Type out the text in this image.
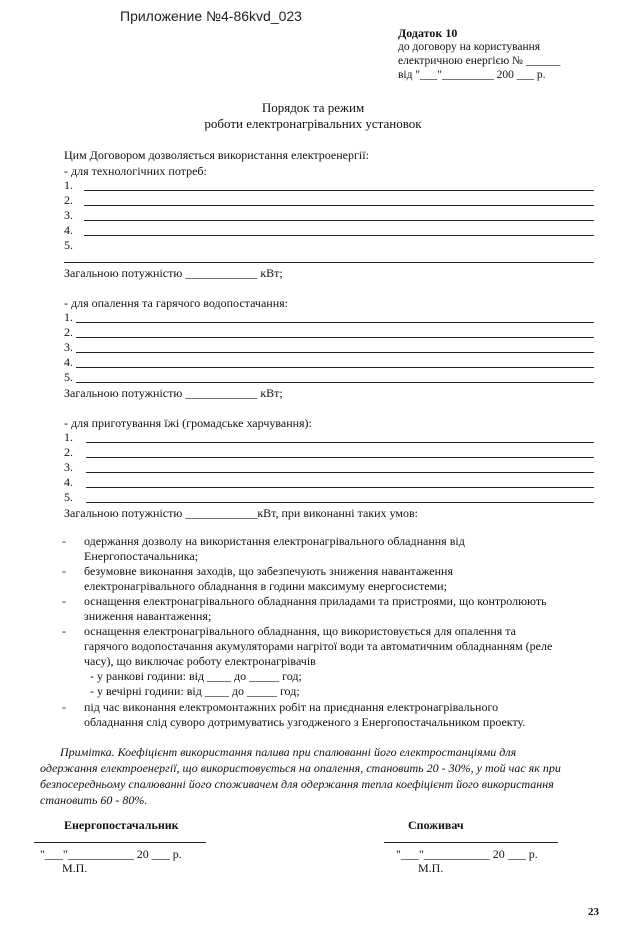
Приложение №4-86kvd_023
Додаток 10
до договору на користування
електричною енергією № ______
від "___"_________ 200 ___ р.
Порядок та режим
роботи електронагрівальних установок
Цим Договором дозволяється використання електроенергії:
- для технологічних потреб:
1.
2.
3.
4.
5.
Загальною потужністю ____________ кВт;
- для опалення та гарячого водопостачання:
1.
2.
3.
4.
5.
Загальною потужністю ____________ кВт;
- для приготування їжі (громадське харчування):
1.
2.
3.
4.
5.
Загальною потужністю ____________кВт, при виконанні таких умов:
- одержання дозволу на використання електронагрівального обладнання від
Енергопостачальника;
- безумовне виконання заходів, що забезпечують зниження навантаження
електронагрівального обладнання в години максимуму енергосистеми;
- оснащення електронагрівального обладнання приладами та пристроями, що контролюють
зниження навантаження;
- оснащення електронагрівального обладнання, що використовується для опалення та
гарячого водопостачання акумуляторами нагрітої води та автоматичним обладнанням (реле
часу), що виключає роботу електронагрівачів
- у ранкові години: від ____ до _____ год;
- у вечірні години: від ____ до _____ год;
- під час виконання електромонтажних робіт на приєднання електронагрівального
обладнання слід суворо дотримуватись узгодженого з Енергопостачальником проекту.
Примітка. Коефіцієнт використання палива при спалюванні його електростанціями для
одержання електроенергії, що використовується на опалення, становить 20 - 30%, у той час як при
безпосередньому спалюванні його споживачем для одержання тепла коефіцієнт його використання
становить 60 - 80%.
Енергопостачальник
"___"___________ 20 ___ р.
М.П.
Споживач
"___"___________ 20 ___ р.
М.П.
23
